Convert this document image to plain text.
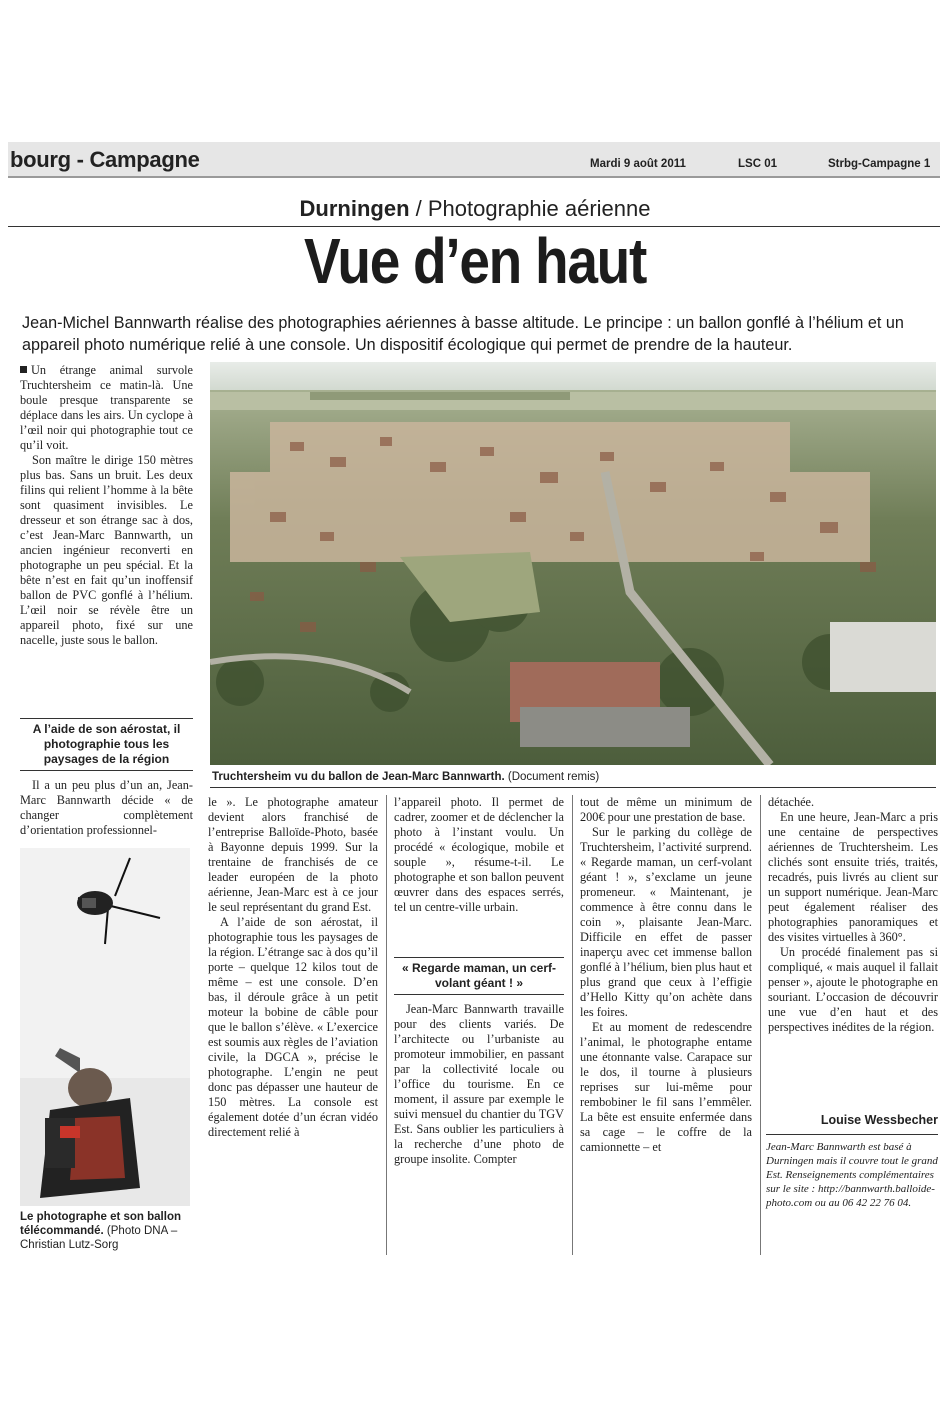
bourg - Campagne	Mardi 9 août 2011	LSC 01	Strbg-Campagne 1
Durningen / Photographie aérienne
Vue d’en haut
Jean-Michel Bannwarth réalise des photographies aériennes à basse altitude. Le principe : un ballon gonflé à l’hélium et un appareil photo numérique relié à une console. Un dispositif écologique qui permet de prendre de la hauteur.

Un étrange animal survole Truchtersheim ce matin-là. Une boule presque transparente se déplace dans les airs. Un cyclope à l’œil noir qui photographie tout ce qu’il voit.

Son maître le dirige 150 mètres plus bas. Sans un bruit. Les deux filins qui relient l’homme à la bête sont quasiment invisibles. Le dresseur et son étrange sac à dos, c’est Jean-Marc Bannwarth, un ancien ingénieur reconverti en photographe un peu spécial. Et la bête n’est en fait qu’un inoffensif ballon de PVC gonflé à l’hélium. L’œil noir se révèle être un appareil photo, fixé sur une nacelle, juste sous le ballon.

A l’aide de son aérostat, il photographie tous les paysages de la région

Il a un peu plus d’un an, Jean-Marc Bannwarth décide « de changer complètement d’orientation professionnel-

Truchtersheim vu du ballon de Jean-Marc Bannwarth. (Document remis)
Le photographe et son ballon télécommandé. (Photo DNA – Christian Lutz-Sorg

le ». Le photographe amateur devient alors franchisé de l’entreprise Balloïde-Photo, basée à Bayonne depuis 1999. Sur la trentaine de franchisés de ce leader européen de la photo aérienne, Jean-Marc est à ce jour le seul représentant du grand Est.

A l’aide de son aérostat, il photographie tous les paysages de la région. L’étrange sac à dos qu’il porte – quelque 12 kilos tout de même – est une console. D’en bas, il déroule grâce à un petit moteur la bobine de câble pour que le ballon s’élève. « L’exercice est soumis aux règles de l’aviation civile, la DGCA », précise le photographe. L’engin ne peut donc pas dépasser une hauteur de 150 mètres. La console est également dotée d’un écran vidéo directement relié à

l’appareil photo. Il permet de cadrer, zoomer et de déclencher la photo à l’instant voulu. Un procédé « écologique, mobile et souple », résume-t-il. Le photographe et son ballon peuvent œuvrer dans des espaces serrés, tel un centre-ville urbain.

« Regarde maman, un cerf-volant géant ! »

Jean-Marc Bannwarth travaille pour des clients variés. De l’architecte ou l’urbaniste au promoteur immobilier, en passant par la collectivité locale ou l’office du tourisme. En ce moment, il assure par exemple le suivi mensuel du chantier du TGV Est. Sans oublier les particuliers à la recherche d’une photo de groupe insolite. Compter

tout de même un minimum de 200€ pour une prestation de base.

Sur le parking du collège de Truchtersheim, l’activité surprend. « Regarde maman, un cerf-volant géant ! », s’exclame un jeune promeneur. « Maintenant, je commence à être connu dans le coin », plaisante Jean-Marc. Difficile en effet de passer inaperçu avec cet immense ballon gonflé à l’hélium, bien plus haut et plus grand que ceux à l’effigie d’Hello Kitty qu’on achète dans les foires.

Et au moment de redescendre l’animal, le photographe entame une étonnante valse. Carapace sur le dos, il tourne à plusieurs reprises sur lui-même pour rembobiner le fil sans l’emmêler. La bête est ensuite enfermée dans sa cage – le coffre de la camionnette – et

détachée.

En une heure, Jean-Marc a pris une centaine de perspectives aériennes de Truchtersheim. Les clichés sont ensuite triés, traités, recadrés, puis livrés au client sur un support numérique. Jean-Marc peut également réaliser des photographies panoramiques et des visites virtuelles à 360°.

Un procédé finalement pas si compliqué, « mais auquel il fallait penser », ajoute le photographe en souriant. L’occasion de découvrir une vue d’en haut et des perspectives inédites de la région.

Louise Wessbecher
Jean-Marc Bannwarth est basé à Durningen mais il couvre tout le grand Est. Renseignements complémentaires sur le site : http://bannwarth.balloide-photo.com ou au 06 42 22 76 04.
